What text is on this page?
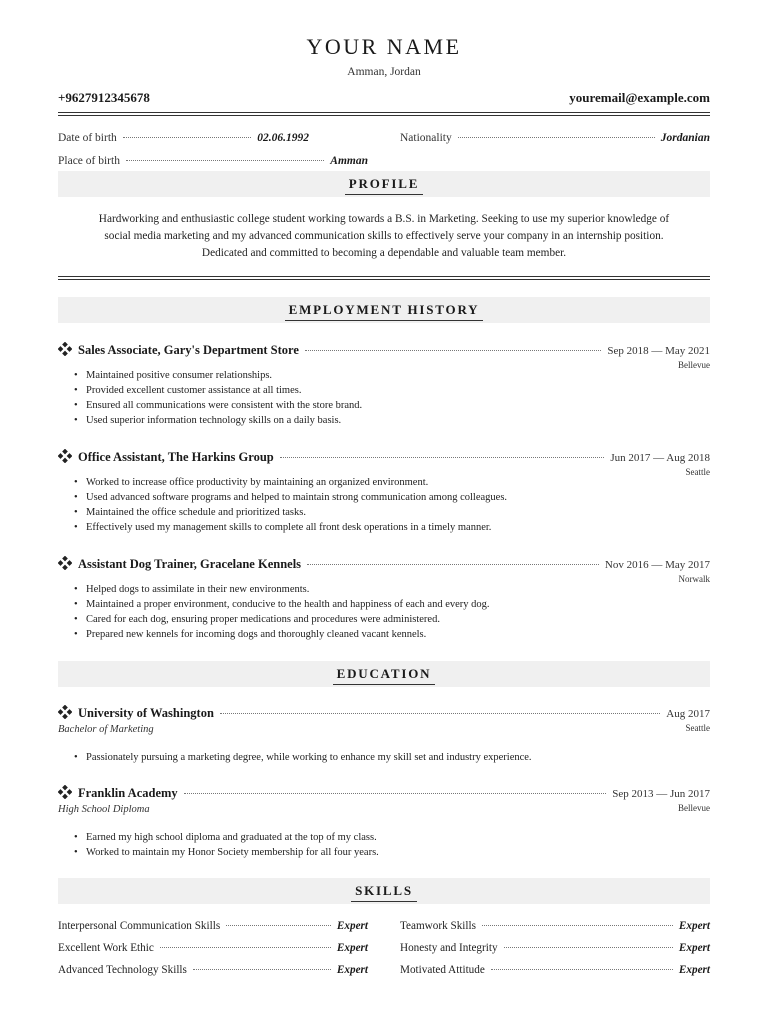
YOUR NAME
Amman, Jordan
+9627912345678	youremail@example.com
Date of birth	02.06.1992	Nationality	Jordanian
Place of birth	Amman
PROFILE
Hardworking and enthusiastic college student working towards a B.S. in Marketing. Seeking to use my superior knowledge of
social media marketing and my advanced communication skills to effectively serve your company in an internship position.
Dedicated and committed to becoming a dependable and valuable team member.
EMPLOYMENT HISTORY
Sales Associate, Gary's Department Store	Sep 2018 — May 2021
Bellevue
• Maintained positive consumer relationships.
• Provided excellent customer assistance at all times.
• Ensured all communications were consistent with the store brand.
• Used superior information technology skills on a daily basis.
Office Assistant, The Harkins Group	Jun 2017 — Aug 2018
Seattle
• Worked to increase office productivity by maintaining an organized environment.
• Used advanced software programs and helped to maintain strong communication among colleagues.
• Maintained the office schedule and prioritized tasks.
• Effectively used my management skills to complete all front desk operations in a timely manner.
Assistant Dog Trainer, Gracelane Kennels	Nov 2016 — May 2017
Norwalk
• Helped dogs to assimilate in their new environments.
• Maintained a proper environment, conducive to the health and happiness of each and every dog.
• Cared for each dog, ensuring proper medications and procedures were administered.
• Prepared new kennels for incoming dogs and thoroughly cleaned vacant kennels.
EDUCATION
University of Washington	Aug 2017
Bachelor of Marketing	Seattle
• Passionately pursuing a marketing degree, while working to enhance my skill set and industry experience.
Franklin Academy	Sep 2013 — Jun 2017
High School Diploma	Bellevue
• Earned my high school diploma and graduated at the top of my class.
• Worked to maintain my Honor Society membership for all four years.
SKILLS
Interpersonal Communication Skills	Expert	Teamwork Skills	Expert
Excellent Work Ethic	Expert	Honesty and Integrity	Expert
Advanced Technology Skills	Expert	Motivated Attitude	Expert
